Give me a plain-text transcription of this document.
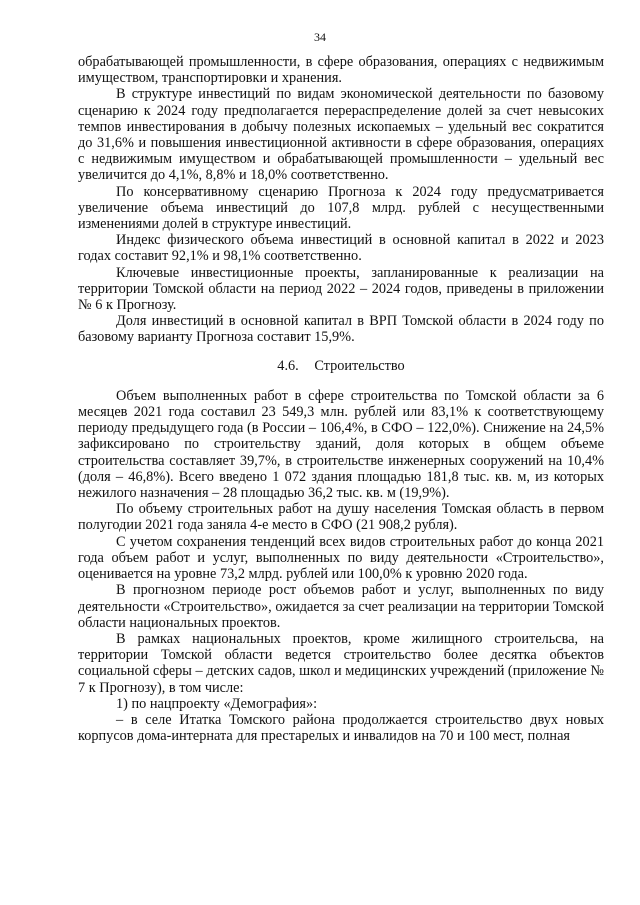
34

обрабатывающей промышленности, в сфере образования, операциях с недвижимым имуществом, транспортировки и хранения.

В структуре инвестиций по видам экономической деятельности по базовому сценарию к 2024 году предполагается перераспределение долей за счет невысоких темпов инвестирования в добычу полезных ископаемых – удельный вес сократится до 31,6% и повышения инвестиционной активности в сфере образования, операциях с недвижимым имуществом и обрабатывающей промышленности – удельный вес увеличится до 4,1%, 8,8% и 18,0% соответственно.

По консервативному сценарию Прогноза к 2024 году предусматривается увеличение объема инвестиций до 107,8 млрд. рублей с несущественными изменениями долей в структуре инвестиций.

Индекс физического объема инвестиций в основной капитал в 2022 и 2023 годах составит 92,1% и 98,1% соответственно.

Ключевые инвестиционные проекты, запланированные к реализации на территории Томской области на период 2022 – 2024 годов, приведены в приложении № 6 к Прогнозу.

Доля инвестиций в основной капитал в ВРП Томской области в 2024 году по базовому варианту Прогноза составит 15,9%.

4.6. Строительство

Объем выполненных работ в сфере строительства по Томской области за 6 месяцев 2021 года составил 23 549,3 млн. рублей или 83,1% к соответствующему периоду предыдущего года (в России – 106,4%, в СФО – 122,0%). Снижение на 24,5% зафиксировано по строительству зданий, доля которых в общем объеме строительства составляет 39,7%, в строительстве инженерных сооружений на 10,4% (доля – 46,8%). Всего введено 1 072 здания площадью 181,8 тыс. кв. м, из которых нежилого назначения – 28 площадью 36,2 тыс. кв. м (19,9%).

По объему строительных работ на душу населения Томская область в первом полугодии 2021 года заняла 4-е место в СФО (21 908,2 рубля).

С учетом сохранения тенденций всех видов строительных работ до конца 2021 года объем работ и услуг, выполненных по виду деятельности «Строительство», оценивается на уровне 73,2 млрд. рублей или 100,0% к уровню 2020 года.

В прогнозном периоде рост объемов работ и услуг, выполненных по виду деятельности «Строительство», ожидается за счет реализации на территории Томской области национальных проектов.

В рамках национальных проектов, кроме жилищного строительсва, на территории Томской области ведется строительство более десятка объектов социальной сферы – детских садов, школ и медицинских учреждений (приложение № 7 к Прогнозу), в том числе:

1) по нацпроекту «Демография»:

– в селе Итатка Томского района продолжается строительство двух новых корпусов дома-интерната для престарелых и инвалидов на 70 и 100 мест, полная
